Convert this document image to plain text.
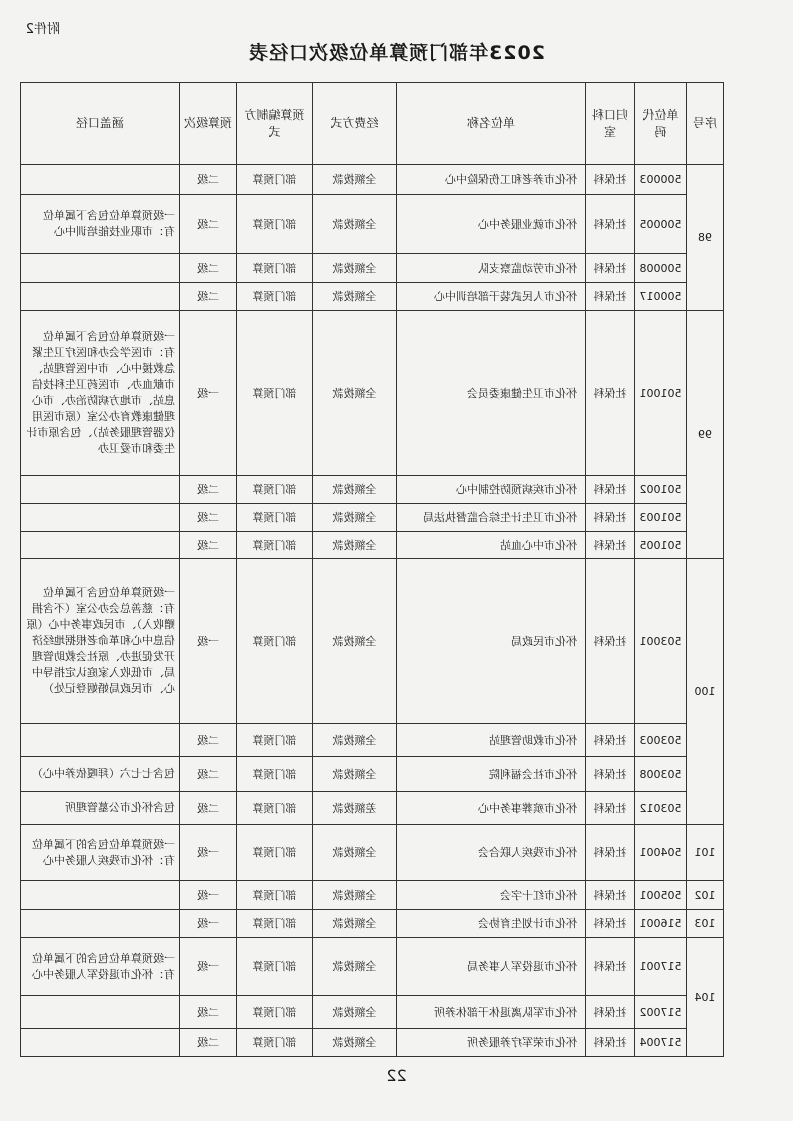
附件2
2023年部门预算单位级次口径表
序号	单位代码	归口科室	单位名称	经费方式	预算编制方式	预算级次	涵盖口径
98	500003	社保科	怀化市养老和工伤保险中心	全额拨款	部门预算	二级	
	500005	社保科	怀化市就业服务中心	全额拨款	部门预算	二级	一级预算单位包含下属单位有：市职业技能培训中心
	500008	社保科	怀化市劳动监察支队	全额拨款	部门预算	二级	
	500017	社保科	怀化市人民武装干部培训中心	全额拨款	部门预算	二级	
99	501001	社保科	怀化市卫生健康委员会	全额拨款	部门预算	一级	一级预算单位包含下属单位有：市医学会办和医疗卫生紧急救援中心、市中医管理站、市献血办、市医药卫生科技信息站、市地方病防治办、市心理健康教育办公室（原市医用仪器管理服务站）、包含原市计生委和市爱卫办
	501002	社保科	怀化市疾病预防控制中心	全额拨款	部门预算	二级	
	501003	社保科	怀化市卫生计生综合监督执法局	全额拨款	部门预算	二级	
	501005	社保科	怀化市中心血站	全额拨款	部门预算	二级	
100	503001	社保科	怀化市民政局	全额拨款	部门预算	一级	一级预算单位包含下属单位有：慈善总会办公室（不含捐赠收入）、市民政事务中心（原信息中心和革命老根据地经济开发促进办、原社会救助管理局、市低收入家庭认定指导中心、市民政局婚姻登记处）
	503003	社保科	怀化市救助管理站	全额拨款	部门预算	二级	
	503008	社保科	怀化市社会福利院	全额拨款	部门预算	二级	包含七七六（拜嘎依养中心）
	503012	社保科	怀化市殡葬事务中心	差额拨款	部门预算	二级	包含怀化市公墓管理所
101	504001	社保科	怀化市残疾人联合会	全额拨款	部门预算	一级	一级预算单位包含的下属单位有：怀化市残疾人服务中心
102	505001	社保科	怀化市红十字会	全额拨款	部门预算	一级	
103	516001	社保科	怀化市计划生育协会	全额拨款	部门预算	一级	
104	517001	社保科	怀化市退役军人事务局	全额拨款	部门预算	一级	一级预算单位包含的下属单位有：怀化市退役军人服务中心
	517002	社保科	怀化市军队离退休干部休养所	全额拨款	部门预算	二级	
	517004	社保科	怀化市荣军疗养服务所	全额拨款	部门预算	二级	
22
